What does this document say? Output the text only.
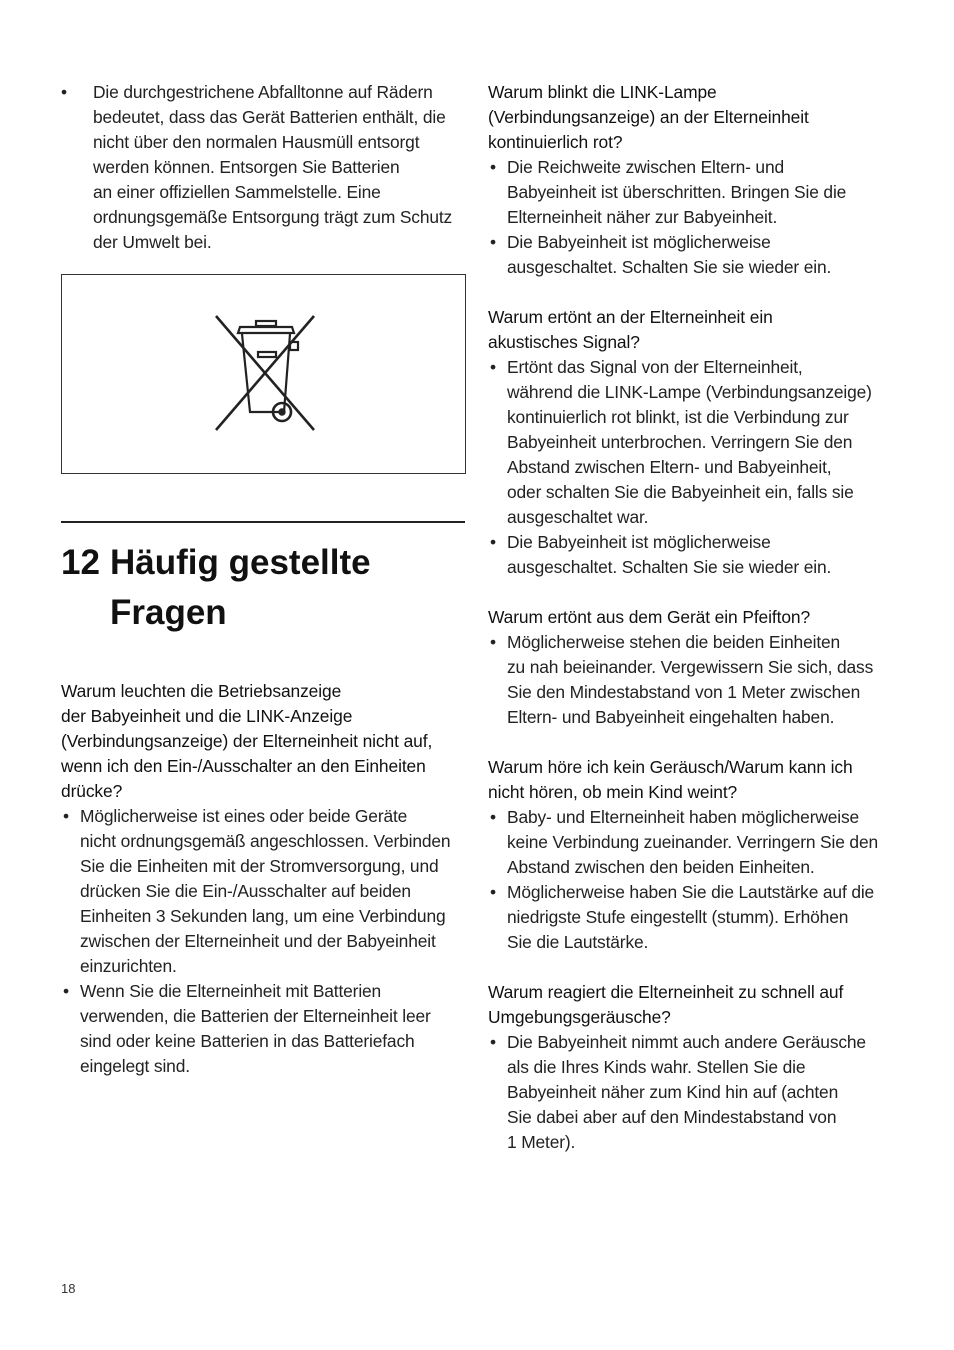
• Die durchgestrichene Abfalltonne auf Rädern
bedeutet, dass das Gerät Batterien enthält, die
nicht über den normalen Hausmüll entsorgt
werden können. Entsorgen Sie Batterien
an einer offiziellen Sammelstelle. Eine
ordnungsgemäße Entsorgung trägt zum Schutz
der Umwelt bei.
12 Häufig gestellte
Fragen
Warum leuchten die Betriebsanzeige
der Babyeinheit und die LINK-Anzeige
(Verbindungsanzeige) der Elterneinheit nicht auf,
wenn ich den Ein-/Ausschalter an den Einheiten
drücke?
• Möglicherweise ist eines oder beide Geräte
nicht ordnungsgemäß angeschlossen. Verbinden
Sie die Einheiten mit der Stromversorgung, und
drücken Sie die Ein-/Ausschalter auf beiden
Einheiten 3 Sekunden lang, um eine Verbindung
zwischen der Elterneinheit und der Babyeinheit
einzurichten.
• Wenn Sie die Elterneinheit mit Batterien
verwenden, die Batterien der Elterneinheit leer
sind oder keine Batterien in das Batteriefach
eingelegt sind.
Warum blinkt die LINK-Lampe
(Verbindungsanzeige) an der Elterneinheit
kontinuierlich rot?
• Die Reichweite zwischen Eltern- und
Babyeinheit ist überschritten. Bringen Sie die
Elterneinheit näher zur Babyeinheit.
• Die Babyeinheit ist möglicherweise
ausgeschaltet. Schalten Sie sie wieder ein.
Warum ertönt an der Elterneinheit ein
akustisches Signal?
• Ertönt das Signal von der Elterneinheit,
während die LINK-Lampe (Verbindungsanzeige)
kontinuierlich rot blinkt, ist die Verbindung zur
Babyeinheit unterbrochen. Verringern Sie den
Abstand zwischen Eltern- und Babyeinheit,
oder schalten Sie die Babyeinheit ein, falls sie
ausgeschaltet war.
• Die Babyeinheit ist möglicherweise
ausgeschaltet. Schalten Sie sie wieder ein.
Warum ertönt aus dem Gerät ein Pfeifton?
• Möglicherweise stehen die beiden Einheiten
zu nah beieinander. Vergewissern Sie sich, dass
Sie den Mindestabstand von 1 Meter zwischen
Eltern- und Babyeinheit eingehalten haben.
Warum höre ich kein Geräusch/Warum kann ich
nicht hören, ob mein Kind weint?
• Baby- und Elterneinheit haben möglicherweise
keine Verbindung zueinander. Verringern Sie den
Abstand zwischen den beiden Einheiten.
• Möglicherweise haben Sie die Lautstärke auf die
niedrigste Stufe eingestellt (stumm). Erhöhen
Sie die Lautstärke.
Warum reagiert die Elterneinheit zu schnell auf
Umgebungsgeräusche?
• Die Babyeinheit nimmt auch andere Geräusche
als die Ihres Kinds wahr. Stellen Sie die
Babyeinheit näher zum Kind hin auf (achten
Sie dabei aber auf den Mindestabstand von
1 Meter).
18
